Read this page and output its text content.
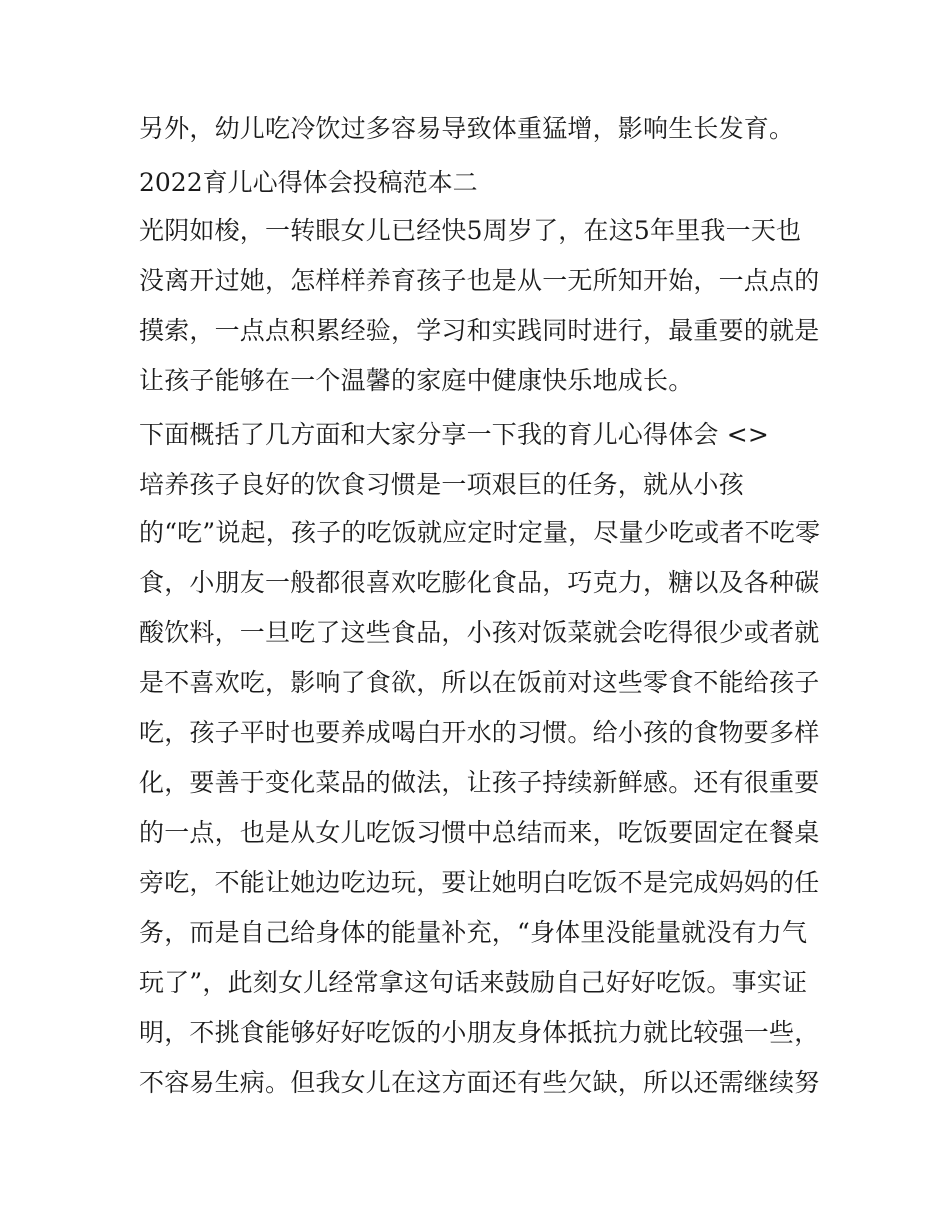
另外，幼儿吃冷饮过多容易导致体重猛增，影响生长发育。
2022育儿心得体会投稿范本二
光阴如梭，一转眼女儿已经快5周岁了，在这5年里我一天也
没离开过她，怎样样养育孩子也是从一无所知开始，一点点的
摸索，一点点积累经验，学习和实践同时进行，最重要的就是
让孩子能够在一个温馨的家庭中健康快乐地成长。
下面概括了几方面和大家分享一下我的育儿心得体会 <>
培养孩子良好的饮食习惯是一项艰巨的任务，就从小孩
的“吃”说起，孩子的吃饭就应定时定量，尽量少吃或者不吃零
食，小朋友一般都很喜欢吃膨化食品，巧克力，糖以及各种碳
酸饮料，一旦吃了这些食品，小孩对饭菜就会吃得很少或者就
是不喜欢吃，影响了食欲，所以在饭前对这些零食不能给孩子
吃，孩子平时也要养成喝白开水的习惯。给小孩的食物要多样
化，要善于变化菜品的做法，让孩子持续新鲜感。还有很重要
的一点，也是从女儿吃饭习惯中总结而来，吃饭要固定在餐桌
旁吃，不能让她边吃边玩，要让她明白吃饭不是完成妈妈的任
务，而是自己给身体的能量补充，“身体里没能量就没有力气
玩了”，此刻女儿经常拿这句话来鼓励自己好好吃饭。事实证
明，不挑食能够好好吃饭的小朋友身体抵抗力就比较强一些，
不容易生病。但我女儿在这方面还有些欠缺，所以还需继续努
